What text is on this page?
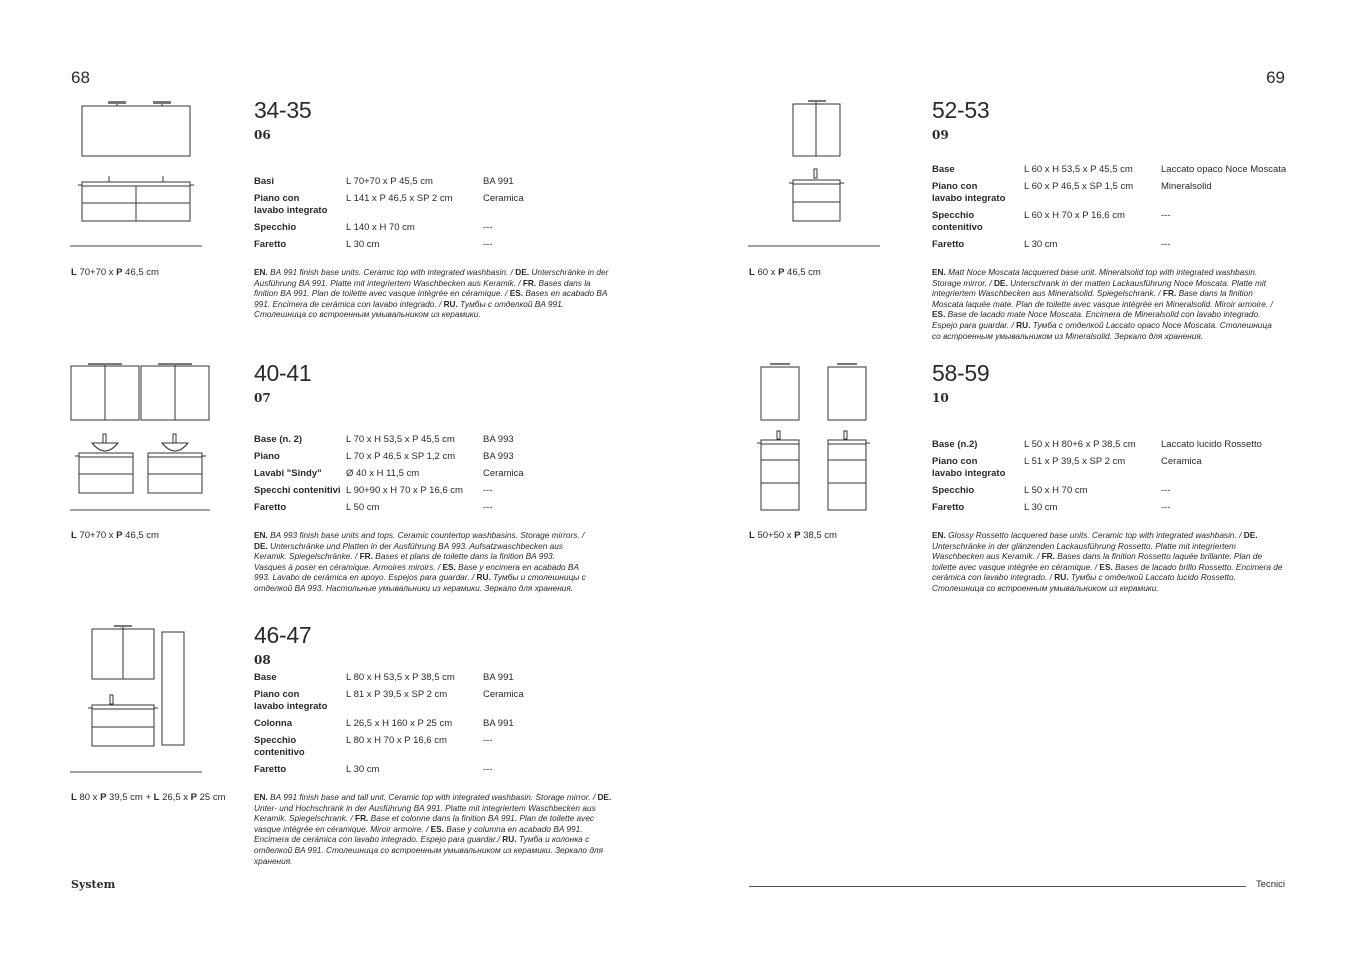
68	69
L 70+70 x P 46,5 cm
34-35
06
Basi	L 70+70 x P 45,5 cm	BA 991
Piano con
lavabo integrato
L 141 x P 46,5 x SP 2 cm	Ceramica
Specchio	L 140 x H 70 cm	---
Faretto	L 30 cm	---
EN. BA 991 finish base units. Ceramic top with integrated washbasin. / DE. Unterschränke in der Ausführung BA 991. Platte mit integriertem Waschbecken aus Keramik. / FR. Bases dans la finition BA 991. Plan de toilette avec vasque intégrée en céramique. / ES. Bases en acabado BA 991. Encimera de cerámica con lavabo integrado. / RU. Тумбы с отделкой BA 991. Столешница со встроенным умывальником из керамики.
L 70+70 x P 46,5 cm
40-41
07
Base (n. 2)	L 70 x H 53,5 x P 45,5 cm	BA 993
Piano	L 70 x P 46,5 x SP 1,2 cm	BA 993
Lavabi "Sindy"	Ø 40 x H 11,5 cm	Ceramica
Specchi contenitivi L 90+90 x H 70 x P 16,6 cm	---
Faretto	L 50 cm	---
EN. BA 993 finish base units and tops. Ceramic countertop washbasins. Storage mirrors. / DE. Unterschränke und Platten in der Ausführung BA 993. Aufsatzwaschbecken aus Keramik. Spiegelschränke. / FR. Bases et plans de toilette dans la finition BA 993. Vasques à poser en céramique. Armoires miroirs. / ES. Base y encimera en acabado BA 993. Lavabo de cerámica en apoyo. Espejos para guardar. / RU. Тумбы и столешницы с отделкой BA 993. Настольные умывальники из керамики. Зеркало для хранения.
L 80 x P 39,5 cm + L 26,5 x P 25 cm
46-47
08
Base	L 80 x H 53,5 x P 38,5 cm	BA 991
Piano con
lavabo integrato
L 81 x P 39,5 x SP 2 cm	Ceramica
Colonna	L 26,5 x H 160 x P 25 cm	BA 991
Specchio
contenitivo
L 80 x H 70 x P 16,6 cm	---
Faretto	L 30 cm	---
EN. BA 991 finish base and tall unit. Ceramic top with integrated washbasin. Storage mirror. / DE. Unter- und Hochschrank in der Ausführung BA 991. Platte mit integriertem Waschbecken aus Keramik. Spiegelschrank. / FR. Base et colonne dans la finition BA 991. Plan de toilette avec vasque intégrée en céramique. Miroir armoire. / ES. Base y columna en acabado BA 991. Encimera de cerámica con lavabo integrado. Espejo para guardar./ RU. Тумба и колонка с отделкой BA 991. Столешница со встроенным умывальником из керамики. Зеркало для хранения.
L 60 x P 46,5 cm
52-53
09
Base	L 60 x H 53,5 x P 45,5 cm	Laccato opaco Noce Moscata
Piano con
lavabo integrato
L 60 x P 46,5 x SP 1,5 cm	Mineralsolid
Specchio
contenitivo
L 60 x H 70 x P 16,6 cm	---
Faretto	L 30 cm	---
EN. Matt Noce Moscata lacquered base unit. Mineralsolid top with integrated washbasin. Storage mirror. / DE. Unterschrank in der matten Lackausführung Noce Moscata. Platte mit integriertem Waschbecken aus Mineralsolid. Spiegelschrank. / FR. Base dans la finition Moscata laquée mate. Plan de toilette avec vasque intégrée en Mineralsolid. Miroir armoire. / ES. Base de lacado mate Noce Moscata. Encimera de Mineralsolid con lavabo integrado. Espejo para guardar. / RU. Тумба с отделкой Laccato opaco Noce Moscata. Столешница со встроенным умывальником из Mineralsolid. Зеркало для хранения.
L 50+50 x P 38,5 cm
58-59
10
Base (n.2)	L 50 x H 80+6 x P 38,5 cm	Laccato lucido Rossetto
Piano con
lavabo integrato
L 51 x P 39,5 x SP 2 cm	Ceramica
Specchio	L 50 x H 70 cm	---
Faretto	L 30 cm	---
EN. Glossy Rossetto lacquered base units. Ceramic top with integrated washbasin. / DE. Unterschränke in der glänzenden Lackausführung Rossetto. Platte mit integriertem Waschbecken aus Keramik. / FR. Bases dans la finition Rossetto laquée brillante. Plan de toilette avec vasque intégrée en céramique. / ES. Bases de lacado brillo Rossetto. Encimera de cerámica con lavabo integrado. / RU. Тумбы с отделкой Laccato lucido Rossetto. Столешница со встроенным умывальником из керамики.
System	Tecnici
